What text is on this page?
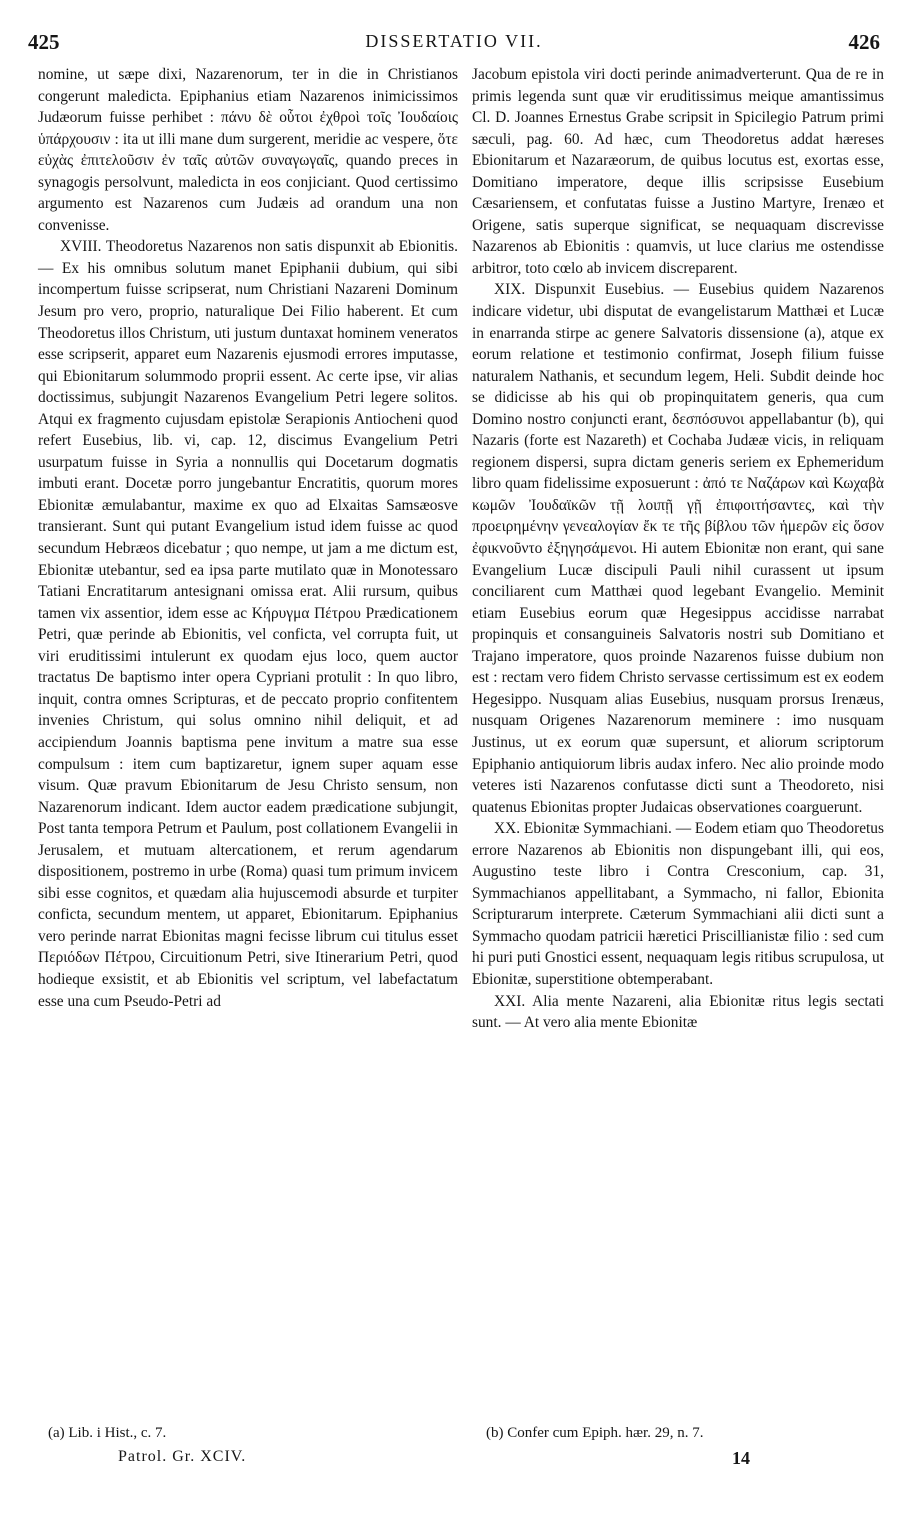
425	DISSERTATIO VII.	426

nomine, ut sæpe dixi, Nazarenorum, ter in die in Christianos congerunt maledicta. Epiphanius etiam Nazarenos inimicissimos Judæorum fuisse perhibet : πάνυ δὲ οὗτοι ἐχθροὶ τοῖς Ἰουδαίοις ὑπάρχουσιν : ita ut illi mane dum surgerent, meridie ac vespere, ὅτε εὐχὰς ἐπιτελοῦσιν ἐν ταῖς αὐτῶν συναγωγαῖς, quando preces in synagogis persolvunt, maledicta in eos conjiciant. Quod certissimo argumento est Nazarenos cum Judæis ad orandum una non convenisse.

XVIII. Theodoretus Nazarenos non satis dispunxit ab Ebionitis. — Ex his omnibus solutum manet Epiphanii dubium, qui sibi incompertum fuisse scripserat, num Christiani Nazareni Dominum Jesum pro vero, proprio, naturalique Dei Filio haberent. Et cum Theodoretus illos Christum, uti justum duntaxat hominem veneratos esse scripserit, apparet eum Nazarenis ejusmodi errores imputasse, qui Ebionitarum solummodo proprii essent. Ac certe ipse, vir alias doctissimus, subjungit Nazarenos Evangelium Petri legere solitos. Atqui ex fragmento cujusdam epistolæ Serapionis Antiocheni quod refert Eusebius, lib. vi, cap. 12, discimus Evangelium Petri usurpatum fuisse in Syria a nonnullis qui Docetarum dogmatis imbuti erant. Docetæ porro jungebantur Encratitis, quorum mores Ebionitæ æmulabantur, maxime ex quo ad Elxaitas Samsæosve transierant. Sunt qui putant Evangelium istud idem fuisse ac quod secundum Hebræos dicebatur ; quo nempe, ut jam a me dictum est, Ebionitæ utebantur, sed ea ipsa parte mutilato quæ in Monotessaro Tatiani Encratitarum antesignani omissa erat. Alii rursum, quibus tamen vix assentior, idem esse ac Κήρυγμα Πέτρου Prædicationem Petri, quæ perinde ab Ebionitis, vel conficta, vel corrupta fuit, ut viri eruditissimi intulerunt ex quodam ejus loco, quem auctor tractatus De baptismo inter opera Cypriani protulit : In quo libro, inquit, contra omnes Scripturas, et de peccato proprio confitentem invenies Christum, qui solus omnino nihil deliquit, et ad accipiendum Joannis baptisma pene invitum a matre sua esse compulsum : item cum baptizaretur, ignem super aquam esse visum. Quæ pravum Ebionitarum de Jesu Christo sensum, non Nazarenorum indicant. Idem auctor eadem prædicatione subjungit, Post tanta tempora Petrum et Paulum, post collationem Evangelii in Jerusalem, et mutuam altercationem, et rerum agendarum dispositionem, postremo in urbe (Roma) quasi tum primum invicem sibi esse cognitos, et quædam alia hujuscemodi absurde et turpiter conficta, secundum mentem, ut apparet, Ebionitarum. Epiphanius vero perinde narrat Ebionitas magni fecisse librum cui titulus esset Περιόδων Πέτρου, Circuitionum Petri, sive Itinerarium Petri, quod hodieque exsistit, et ab Ebionitis vel scriptum, vel labefactatum esse una cum Pseudo-Petri ad

Jacobum epistola viri docti perinde animadverterunt. Qua de re in primis legenda sunt quæ vir eruditissimus meique amantissimus Cl. D. Joannes Ernestus Grabe scripsit in Spicilegio Patrum primi sæculi, pag. 60. Ad hæc, cum Theodoretus addat hæreses Ebionitarum et Nazaræorum, de quibus locutus est, exortas esse, Domitiano imperatore, deque illis scripsisse Eusebium Cæsariensem, et confutatas fuisse a Justino Martyre, Irenæo et Origene, satis superque significat, se nequaquam discrevisse Nazarenos ab Ebionitis : quamvis, ut luce clarius me ostendisse arbitror, toto cœlo ab invicem discreparent.

XIX. Dispunxit Eusebius. — Eusebius quidem Nazarenos indicare videtur, ubi disputat de evangelistarum Matthæi et Lucæ in enarranda stirpe ac genere Salvatoris dissensione (a), atque ex eorum relatione et testimonio confirmat, Joseph filium fuisse naturalem Nathanis, et secundum legem, Heli. Subdit deinde hoc se didicisse ab his qui ob propinquitatem generis, qua cum Domino nostro conjuncti erant, δεσπόσυνοι appellabantur (b), qui Nazaris (forte est Nazareth) et Cochaba Judææ vicis, in reliquam regionem dispersi, supra dictam generis seriem ex Ephemeridum libro quam fidelissime exposuerunt : ἀπό τε Ναζάρων καὶ Κωχαβὰ κωμῶν Ἰουδαϊκῶν τῇ λοιπῇ γῇ ἐπιφοιτήσαντες, καὶ τὴν προειρημένην γενεαλογίαν ἔκ τε τῆς βίβλου τῶν ἡμερῶν εἰς ὅσον ἐφικνοῦντο ἐξηγησάμενοι. Hi autem Ebionitæ non erant, qui sane Evangelium Lucæ discipuli Pauli nihil curassent ut ipsum conciliarent cum Matthæi quod legebant Evangelio. Meminit etiam Eusebius eorum quæ Hegesippus accidisse narrabat propinquis et consanguineis Salvatoris nostri sub Domitiano et Trajano imperatore, quos proinde Nazarenos fuisse dubium non est : rectam vero fidem Christo servasse certissimum est ex eodem Hegesippo. Nusquam alias Eusebius, nusquam prorsus Irenæus, nusquam Origenes Nazarenorum meminere : imo nusquam Justinus, ut ex eorum quæ supersunt, et aliorum scriptorum Epiphanio antiquiorum libris audax infero. Nec alio proinde modo veteres isti Nazarenos confutasse dicti sunt a Theodoreto, nisi quatenus Ebionitas propter Judaicas observationes coarguerunt.

XX. Ebionitæ Symmachiani. — Eodem etiam quo Theodoretus errore Nazarenos ab Ebionitis non dispungebant illi, qui eos, Augustino teste libro i Contra Cresconium, cap. 31, Symmachianos appellitabant, a Symmacho, ni fallor, Ebionita Scripturarum interprete. Cæterum Symmachiani alii dicti sunt a Symmacho quodam patricii hæretici Priscillianistæ filio : sed cum hi puri puti Gnostici essent, nequaquam legis ritibus scrupulosa, ut Ebionitæ, superstitione obtemperabant.

XXI. Alia mente Nazareni, alia Ebionitæ ritus legis sectati sunt. — At vero alia mente Ebionitæ

(a) Lib. i Hist., c. 7.	(b) Confer cum Epiph. hær. 29, n. 7.
Patrol. Gr. XCIV.	14
